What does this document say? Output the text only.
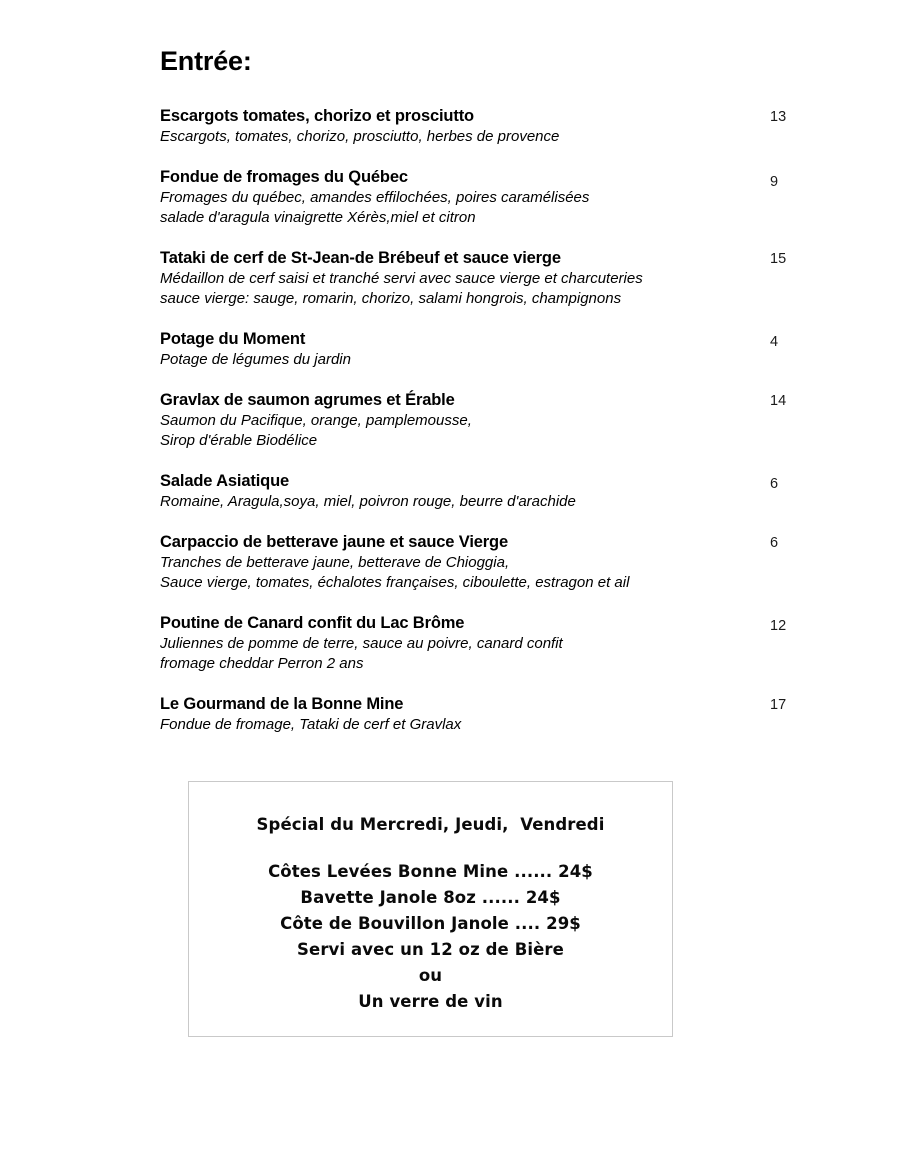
Entrée:
Escargots tomates, chorizo et prosciutto
Escargots, tomates, chorizo, prosciutto, herbes de provence
13
Fondue de fromages du Québec
Fromages du québec, amandes effilochées, poires caramélisées
salade d'aragula vinaigrette Xérès,miel et citron
9
Tataki de cerf de St-Jean-de Brébeuf et sauce vierge
Médaillon de cerf saisi et tranché servi avec sauce vierge et charcuteries
sauce vierge: sauge, romarin, chorizo, salami hongrois, champignons
15
Potage du Moment
Potage de légumes du jardin
4
Gravlax de saumon agrumes et Érable
Saumon du Pacifique, orange, pamplemousse,
Sirop d'érable Biodélice
14
Salade Asiatique
Romaine, Aragula,soya, miel, poivron rouge, beurre d'arachide
6
Carpaccio de betterave jaune et sauce Vierge
Tranches de betterave jaune, betterave de Chioggia,
Sauce vierge, tomates, échalotes françaises, ciboulette, estragon et ail
6
Poutine de Canard confit du Lac Brôme
Juliennes de pomme de terre, sauce au poivre, canard confit
fromage cheddar Perron 2 ans
12
Le Gourmand de la Bonne Mine
Fondue de fromage, Tataki de cerf et Gravlax
17
Spécial du Mercredi, Jeudi,  Vendredi
Côtes Levées Bonne Mine ...... 24$
Bavette Janole 8oz ...... 24$
Côte de Bouvillon Janole .... 29$
Servi avec un 12 oz de Bière
ou
Un verre de vin
